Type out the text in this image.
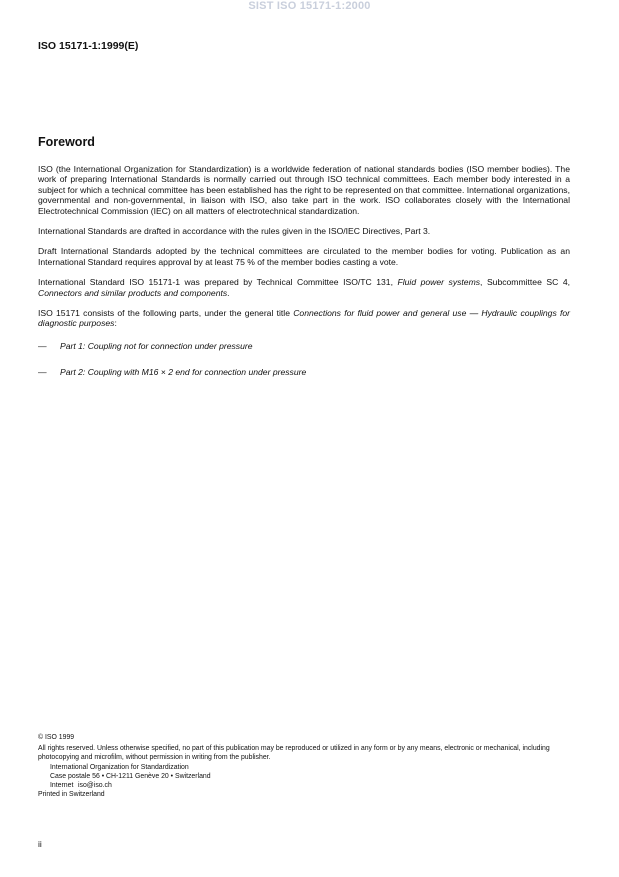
SIST ISO 15171-1:2000
ISO 15171-1:1999(E)
Foreword

ISO (the International Organization for Standardization) is a worldwide federation of national standards bodies (ISO member bodies). The work of preparing International Standards is normally carried out through ISO technical committees. Each member body interested in a subject for which a technical committee has been established has the right to be represented on that committee. International organizations, governmental and non-governmental, in liaison with ISO, also take part in the work. ISO collaborates closely with the International Electrotechnical Commission (IEC) on all matters of electrotechnical standardization.

International Standards are drafted in accordance with the rules given in the ISO/IEC Directives, Part 3.

Draft International Standards adopted by the technical committees are circulated to the member bodies for voting. Publication as an International Standard requires approval by at least 75 % of the member bodies casting a vote.

International Standard ISO 15171-1 was prepared by Technical Committee ISO/TC 131, Fluid power systems, Subcommittee SC 4, Connectors and similar products and components.

ISO 15171 consists of the following parts, under the general title Connections for fluid power and general use — Hydraulic couplings for diagnostic purposes:

— Part 1: Coupling not for connection under pressure

— Part 2: Coupling with M16 × 2 end for connection under pressure

© ISO 1999
All rights reserved. Unless otherwise specified, no part of this publication may be reproduced or utilized in any form or by any means, electronic or mechanical, including photocopying and microfilm, without permission in writing from the publisher.
International Organization for Standardization
Case postale 56 • CH-1211 Genève 20 • Switzerland
Internet iso@iso.ch
Printed in Switzerland
ii
